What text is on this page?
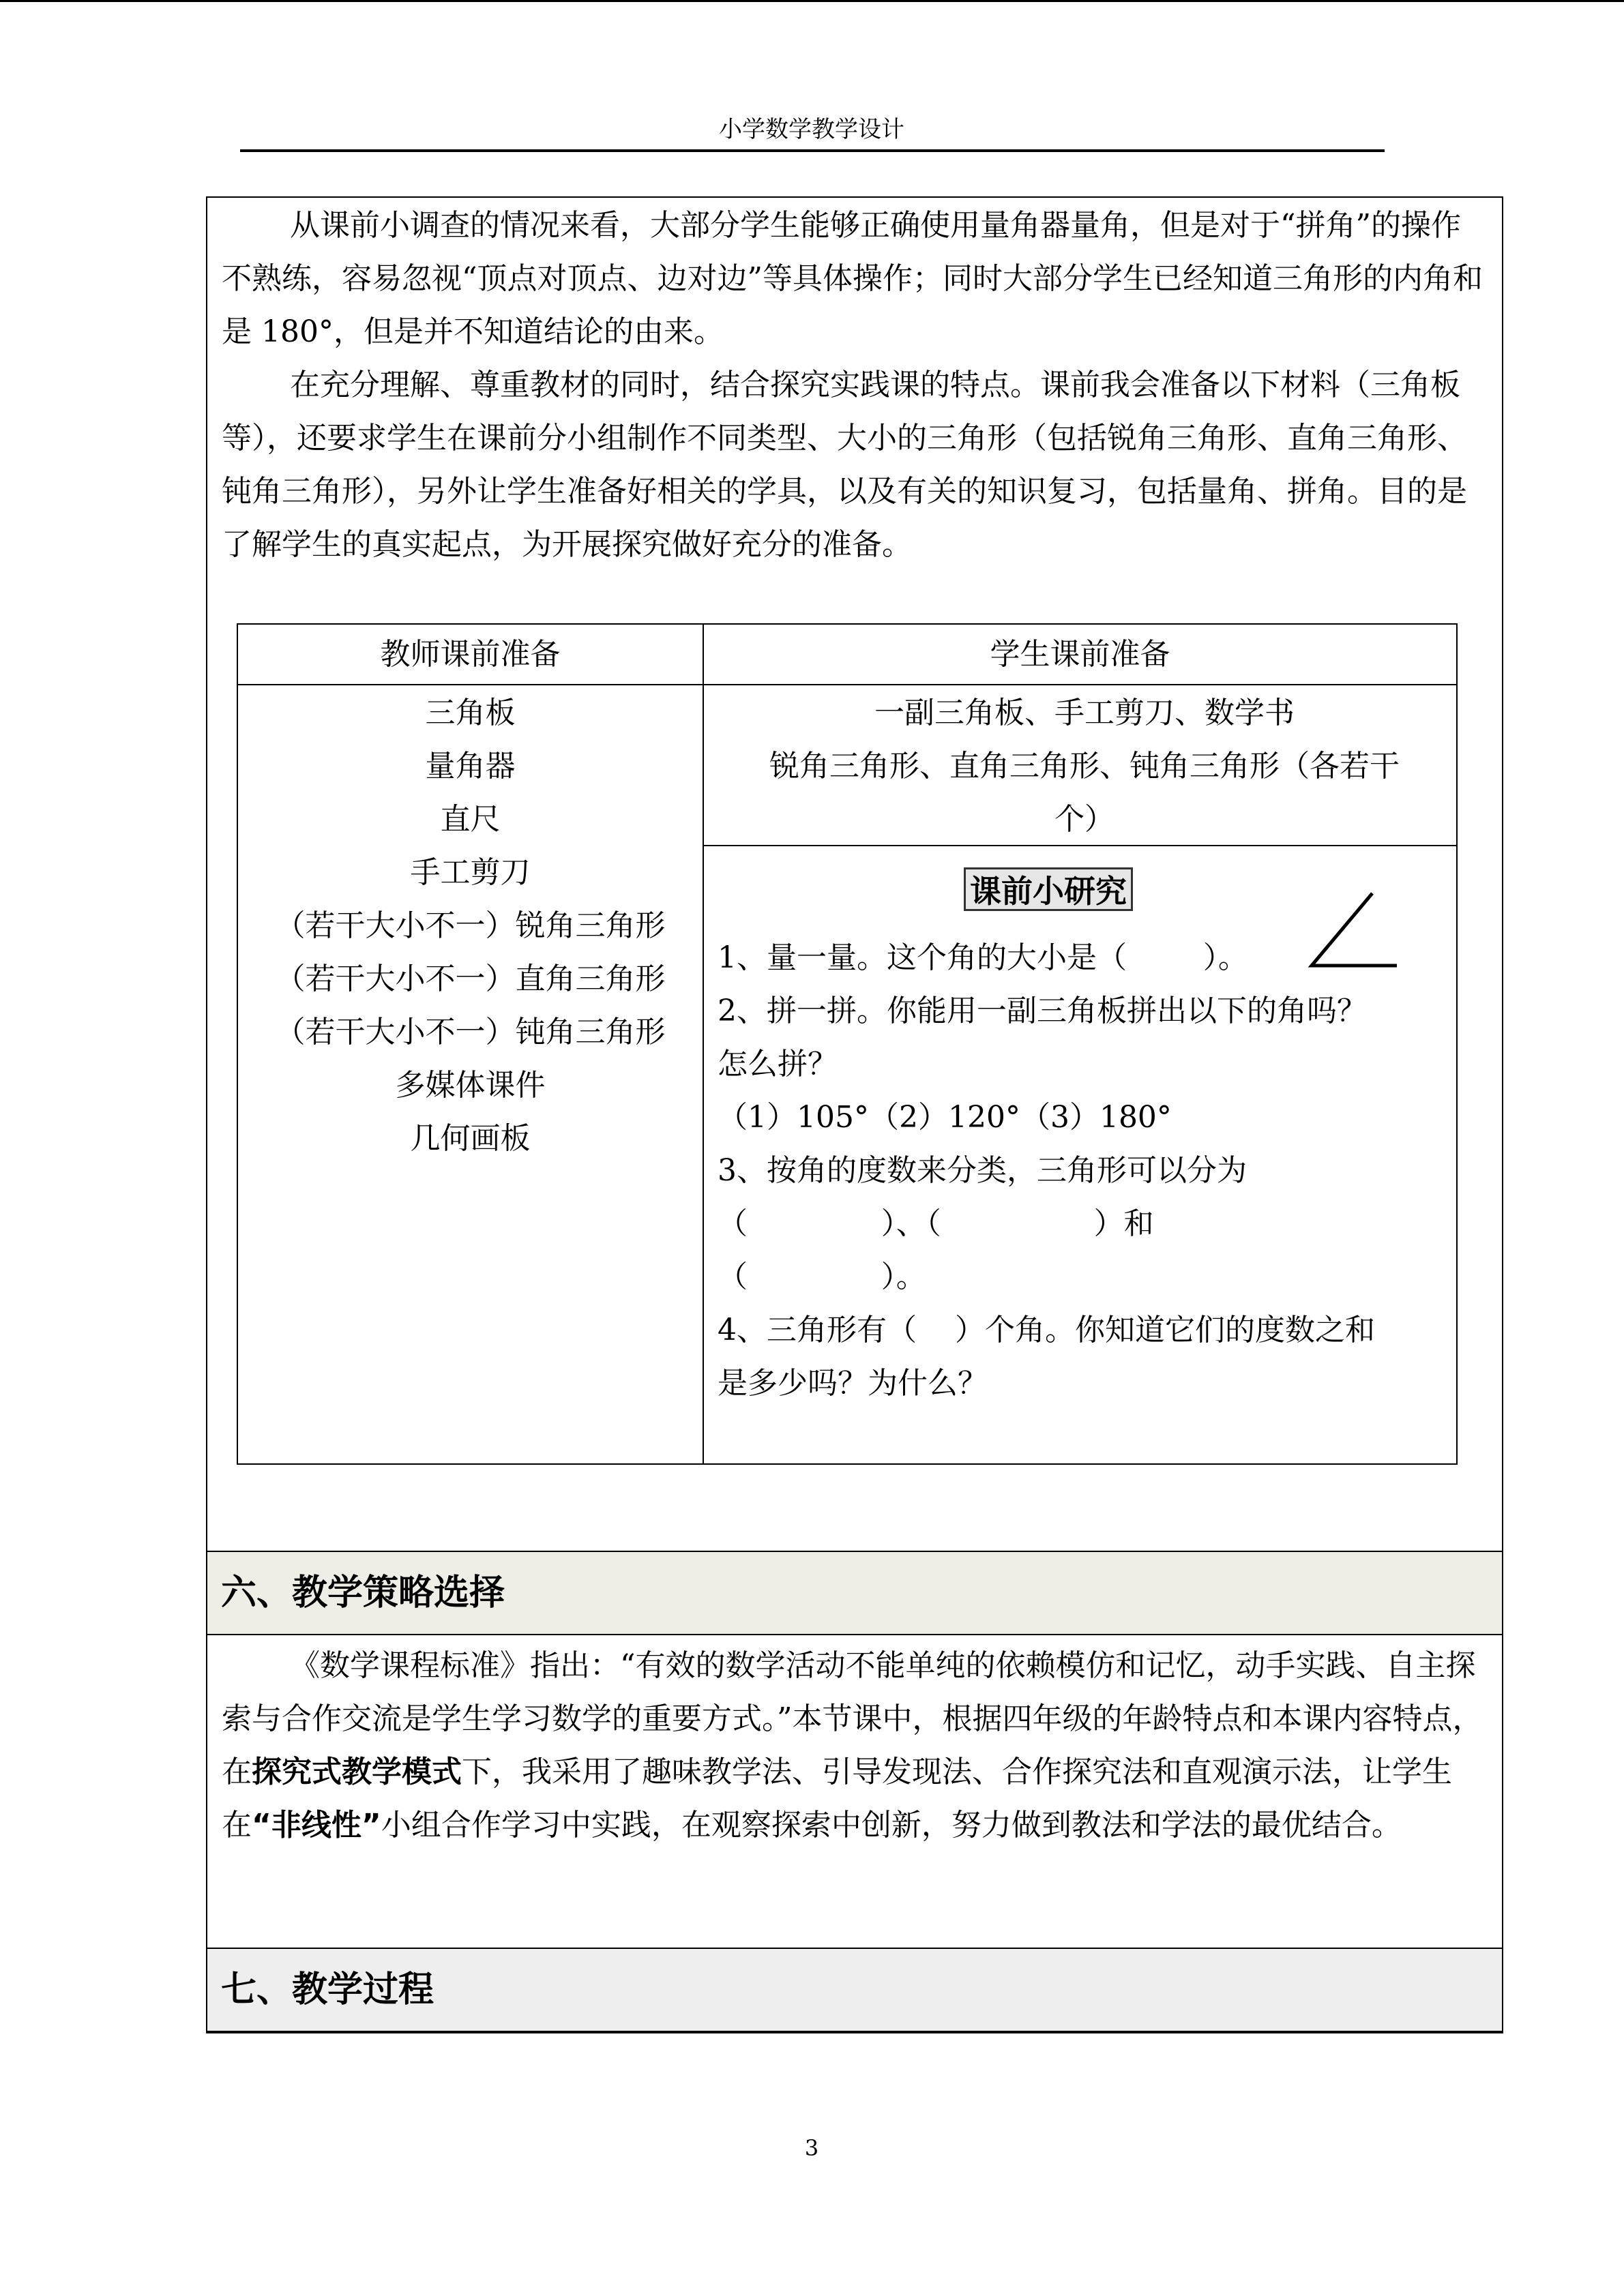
小学数学教学设计

从课前小调查的情况来看，大部分学生能够正确使用量角器量角，但是对于“拼角”的操作不熟练，容易忽视“顶点对顶点、边对边”等具体操作；同时大部分学生已经知道三角形的内角和是 180°，但是并不知道结论的由来。

在充分理解、尊重教材的同时，结合探究实践课的特点。课前我会准备以下材料（三角板等），还要求学生在课前分小组制作不同类型、大小的三角形（包括锐角三角形、直角三角形、钝角三角形），另外让学生准备好相关的学具，以及有关的知识复习，包括量角、拼角。目的是了解学生的真实起点，为开展探究做好充分的准备。

教师课前准备	学生课前准备
三角板
量角器
直尺
手工剪刀
（若干大小不一）锐角三角形
（若干大小不一）直角三角形
（若干大小不一）钝角三角形
多媒体课件
几何画板
一副三角板、手工剪刀、数学书
锐角三角形、直角三角形、钝角三角形（各若干
个）
课前小研究
1、量一量。这个角的大小是（        ）。
2、拼一拼。你能用一副三角板拼出以下的角吗？
怎么拼？
（1）105°（2）120°（3）180°
3、按角的度数来分类，三角形可以分为
（              ）、（                ）和
（              ）。
4、三角形有（    ）个角。你知道它们的度数之和
是多少吗？为什么？
六、教学策略选择

《数学课程标准》指出：“有效的数学活动不能单纯的依赖模仿和记忆，动手实践、自主探索与合作交流是学生学习数学的重要方式。”本节课中，根据四年级的年龄特点和本课内容特点，在探究式教学模式下，我采用了趣味教学法、引导发现法、合作探究法和直观演示法，让学生在“非线性”小组合作学习中实践，在观察探索中创新，努力做到教法和学法的最优结合。

七、教学过程
3
